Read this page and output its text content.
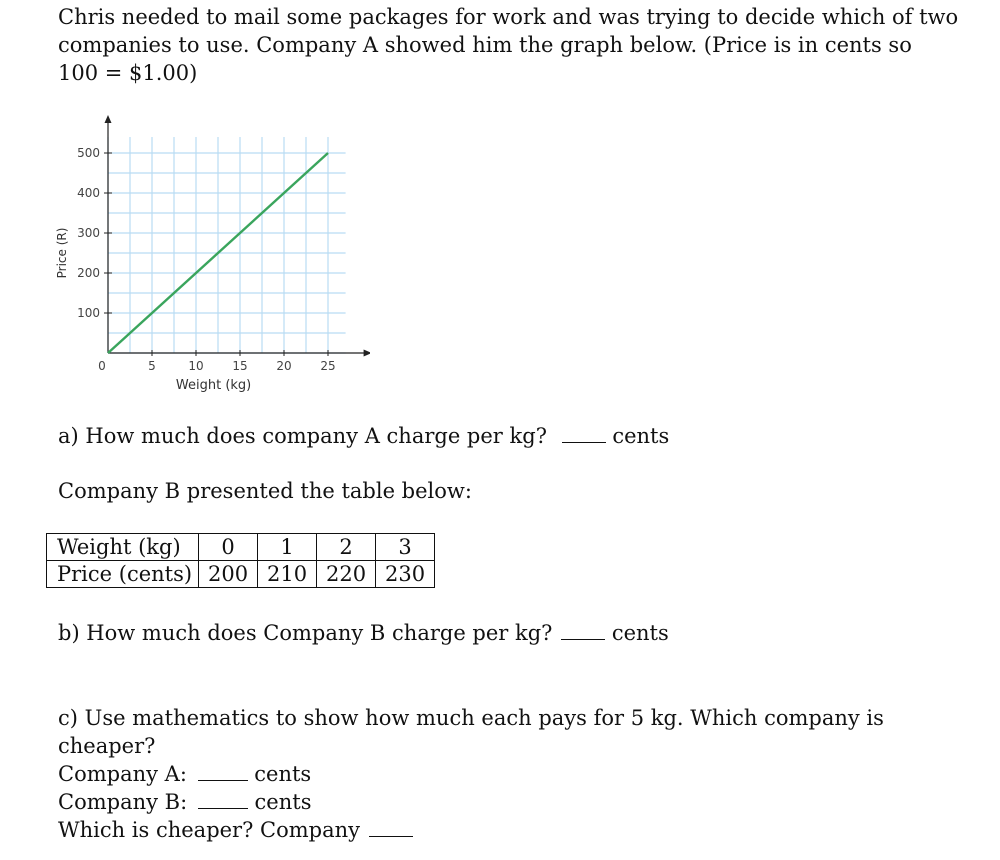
Chris needed to mail some packages for work and was trying to decide which of two
companies to use. Company A showed him the graph below. (Price is in cents so
100 = $1.00)
100
200
300
400
500
0	5	10 15 20 25
Weight (kg)
Price (R)
a) How much does company A charge per kg?	cents
Company B presented the table below:
Weight (kg)	0	1	2	3
Price (cents)	200	210	220	230
b) How much does Company B charge per kg?	cents
c) Use mathematics to show how much each pays for 5 kg. Which company is
cheaper?
Company A:	cents
Company B:	cents
Which is cheaper? Company
